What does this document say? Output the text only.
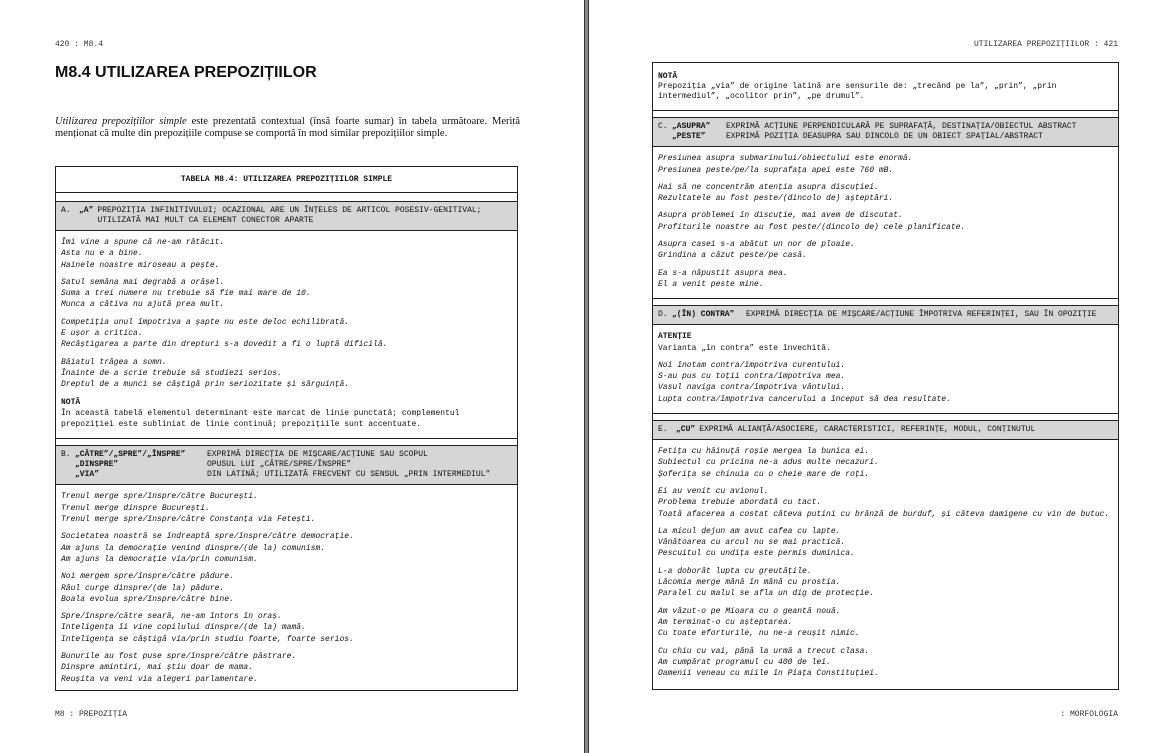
420 : M8.4
M8.4 UTILIZAREA PREPOZIȚIILOR

Utilizarea prepozițiilor simple este prezentată contextual (însă foarte sumar) în tabela următoare. Merită menționat că multe din prepozițiile compuse se comportă în mod similar prepozițiilor simple.

TABELA M8.4: UTILIZAREA PREPOZIȚIILOR SIMPLE
A.	„A” PREPOZIȚIA INFINITIVULUI; OCAZIONAL ARE UN ÎNȚELES DE ARTICOL POSESIV-GENITIVAL; UTILIZATĂ MAI MULT CA ELEMENT CONECTOR APARTE
Îmi vine a spune că ne-am rătăcit.
Asta nu e a bine.
Hainele noastre miroseau a pește.
Satul semăna mai degrabă a orășel.
Suma a trei numere nu trebuie să fie mai mare de 10.
Munca a câtiva nu ajută prea mult.
Competiția unul împotriva a șapte nu este deloc echilibrată.
E ușor a critica.
Recâștigarea a parte din drepturi s-a dovedit a fi o luptă dificilă.
Băiatul trăgea a somn.
Înainte de a scrie trebuie să studiezi serios.
Dreptul de a munci se câștigă prin seriozitate și sârguință.
NOTĂ
În această tabelă elementul determinant este marcat de linie punctată; complementul prepoziției este subliniat de linie continuă; prepozițiile sunt accentuate.
B. „CĂTRE”/„SPRE”/„ÎNSPRE”	EXPRIMĂ DIRECȚIA DE MIȘCARE/ACȚIUNE SAU SCOPUL
„DINSPRE”	OPUSUL LUI „CĂTRE/SPRE/ÎNSPRE”
„VIA”	DIN LATINĂ; UTILIZATĂ FRECVENT CU SENSUL „PRIN INTERMEDIUL”
Trenul merge spre/înspre/către București.
Trenul merge dinspre București.
Trenul merge spre/înspre/către Constanța via Fetești.
Societatea noastră se îndreaptă spre/înspre/către democrație.
Am ajuns la democrație venind dinspre/(de la) comunism.
Am ajuns la democrație via/prin comunism.
Noi mergem spre/înspre/către pădure.
Râul curge dinspre/(de la) pădure.
Boala evolua spre/înspre/către bine.
Spre/înspre/către seară, ne-am întors în oraș.
Inteligența îi vine copilului dinspre/(de la) mamă.
Inteligența se câștigă via/prin studiu foarte, foarte serios.
Bunurile au fost puse spre/înspre/către păstrare.
Dinspre amintiri, mai știu doar de mama.
Reușita va veni via alegeri parlamentare.
M8 : PREPOZIȚIA
UTILIZAREA PREPOZIȚIILOR : 421
NOTĂ
Prepoziția „via” de origine latină are sensurile de: „trecând pe la”, „prin”, „prin intermediul”, „ocolitor prin”, „pe drumul”.
C. „ASUPRA”	EXPRIMĂ ACȚIUNE PERPENDICULARĂ PE SUPRAFAȚĂ, DESTINAȚIA/OBIECTUL ABSTRACT
„PESTE”	EXPRIMĂ POZIȚIA DEASUPRA SAU DINCOLO DE UN OBIECT SPAȚIAL/ABSTRACT
Presiunea asupra submarinului/obiectului este enormă.
Presiunea peste/pe/la suprafața apei este 760 mB.
Hai să ne concentrăm atenția asupra discuției.
Rezultatele au fost peste/(dincolo de) așteptări.
Asupra problemei în discuție, mai avem de discutat.
Profiturile noastre au fost peste/(dincolo de) cele planificate.
Asupra casei s-a abătut un nor de ploaie.
Grindina a căzut peste/pe casă.
Ea s-a năpustit asupra mea.
El a venit peste mine.
D. „(ÎN) CONTRA”	EXPRIMĂ DIRECȚIA DE MIȘCARE/ACȚIUNE ÎMPOTRIVA REFERINȚEI, SAU ÎN OPOZIȚIE
ATENȚIE
Varianta „în contra” este învechită.
Noi înotam contra/împotriva curentului.
S-au pus cu toții contra/împotriva mea.
Vasul naviga contra/împotriva vântului.
Lupta contra/împotriva cancerului a început să dea resultate.
E.	„CU” EXPRIMĂ ALIANȚĂ/ASOCIERE, CARACTERISTICI, REFERINȚE, MODUL, CONȚINUTUL
Fetița cu hăinuță roșie mergea la bunica ei.
Subiectul cu pricina ne-a adus multe necazuri.
Șoferița se chinuia cu o cheie mare de roți.
Ei au venit cu avionul.
Problema trebuie abordată cu tact.
Toată afacerea a costat câteva putini cu brânză de burduf, și câteva damigene cu vin de butuc.
La micul dejun am avut cafea cu lapte.
Vânătoarea cu arcul nu se mai practică.
Pescuitul cu undița este permis duminica.
L-a doborât lupta cu greutățile.
Lăcomia merge mână în mână cu prostia.
Paralel cu malul se afla un dig de protecție.
Am văzut-o pe Mioara cu o geantă nouă.
Am terminat-o cu așteptarea.
Cu toate eforturile, nu ne-a reușit nimic.
Cu chiu cu vai, până la urmă a trecut clasa.
Am cumpărat programul cu 400 de lei.
Oamenii veneau cu miile în Piața Constituției.
: MORFOLOGIA
